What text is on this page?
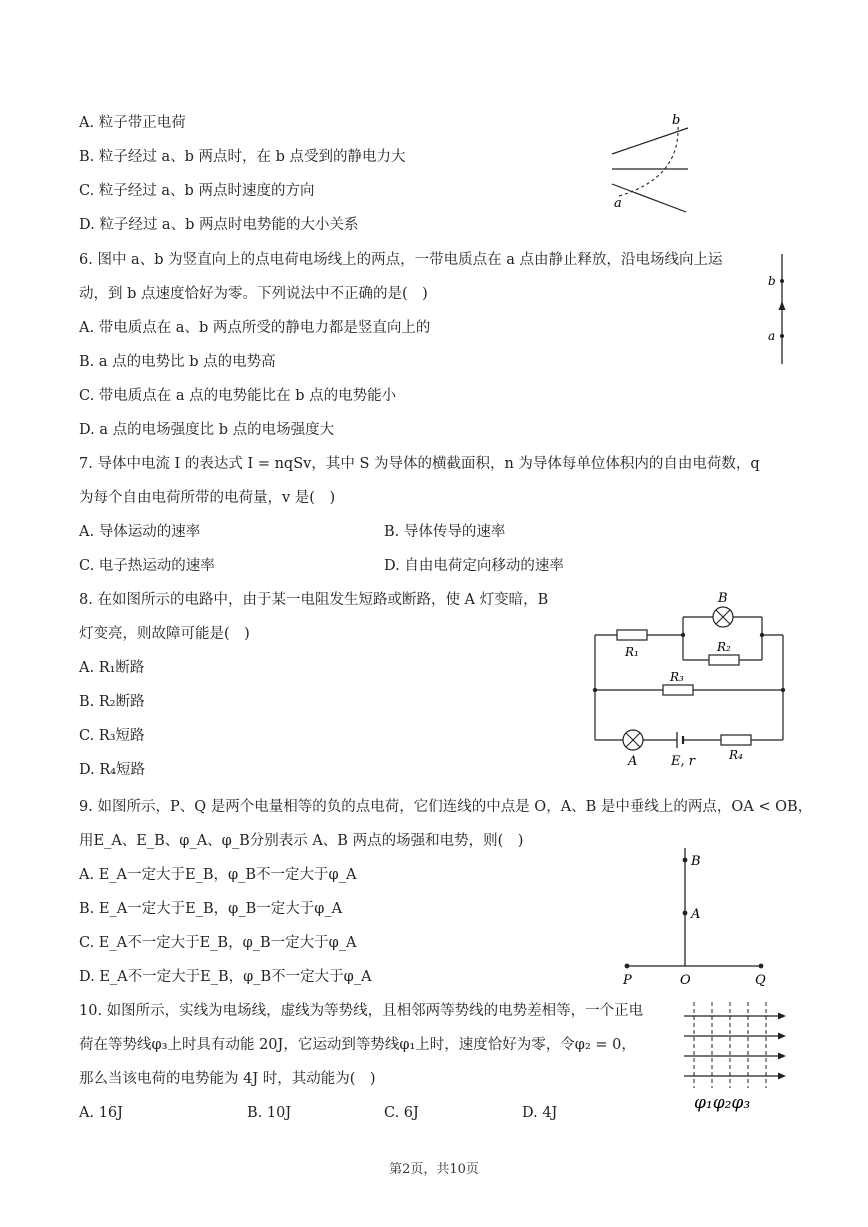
A. 粒子带正电荷
B. 粒子经过 a、b 两点时，在 b 点受到的静电力大
C. 粒子经过 a、b 两点时速度的方向
D. 粒子经过 a、b 两点时电势能的大小关系
b
a
6. 图中 a、b 为竖直向上的点电荷电场线上的两点，一带电质点在 a 点由静止释放，沿电场线向上运
动，到 b 点速度恰好为零。下列说法中不正确的是(　)
A. 带电质点在 a、b 两点所受的静电力都是竖直向上的
B. a 点的电势比 b 点的电势高
C. 带电质点在 a 点的电势能比在 b 点的电势能小
D. a 点的电场强度比 b 点的电场强度大
b
a
7. 导体中电流 I 的表达式 I = nqSv，其中 S 为导体的横截面积，n 为导体每单位体积内的自由电荷数，q
为每个自由电荷所带的电荷量，v 是(　)
A. 导体运动的速率	B. 导体传导的速率
C. 电子热运动的速率	D. 自由电荷定向移动的速率
8. 在如图所示的电路中，由于某一电阻发生短路或断路，使 A 灯变暗，B
灯变亮，则故障可能是(　)
A. R₁断路
B. R₂断路
C. R₃短路
D. R₄短路
B
R₁	R₂
R₃
R₄
A	E, r
9. 如图所示，P、Q 是两个电量相等的负的点电荷，它们连线的中点是 O，A、B 是中垂线上的两点，OA < OB，
用E_A、E_B、φ_A、φ_B分别表示 A、B 两点的场强和电势，则(　)
A. E_A一定大于E_B，φ_B不一定大于φ_A
B. E_A一定大于E_B，φ_B一定大于φ_A
C. E_A不一定大于E_B，φ_B一定大于φ_A
D. E_A不一定大于E_B，φ_B不一定大于φ_A
B
A
P	O	Q
10. 如图所示，实线为电场线，虚线为等势线，且相邻两等势线的电势差相等，一个正电
荷在等势线φ₃上时具有动能 20J，它运动到等势线φ₁上时，速度恰好为零，令φ₂ = 0，
那么当该电荷的电势能为 4J 时，其动能为(　)
A. 16J	B. 10J	C. 6J	D. 4J	φ₁φ₂φ₃
第2页，共10页
